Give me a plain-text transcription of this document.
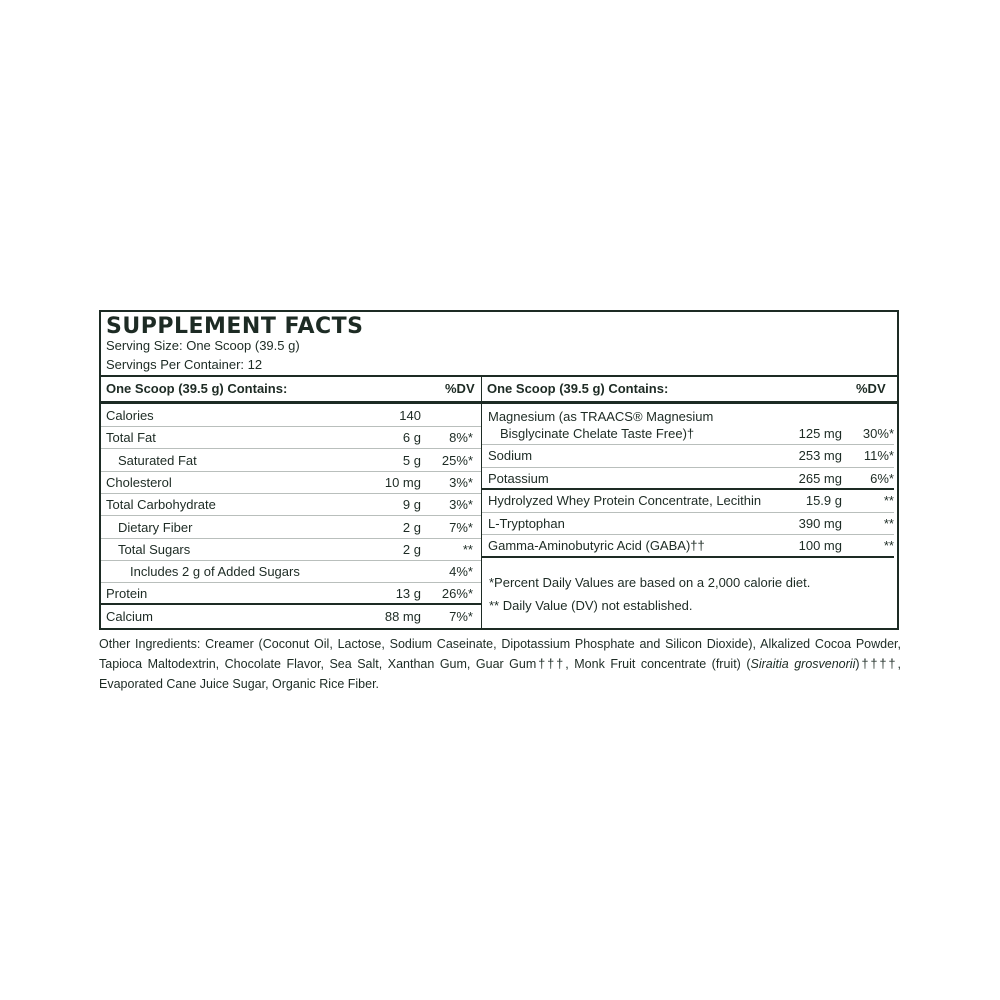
SUPPLEMENT FACTS
Serving Size: One Scoop (39.5 g)
Servings Per Container: 12
One Scoop (39.5 g) Contains:	%DV One Scoop (39.5 g) Contains:	%DV
Calories	140
Total Fat	6 g 8%*
Saturated Fat	5 g 25%*
Cholesterol	10 mg 3%*
Total Carbohydrate	9 g 3%*
Dietary Fiber	2 g 7%*
Total Sugars	2 g	**
Includes 2 g of Added Sugars	4%*
Protein	13 g 26%*
Calcium	88 mg 7%*
Magnesium (as TRAACS® Magnesium
Bisglycinate Chelate Taste Free)†	125 mg 30%*
Sodium	253 mg 11%*
Potassium	265 mg 6%*
Hydrolyzed Whey Protein Concentrate, Lecithin	15.9 g	**
L-Tryptophan	390 mg	**
Gamma-Aminobutyric Acid (GABA)††	100 mg	**
*Percent Daily Values are based on a 2,000 calorie diet.
** Daily Value (DV) not established.
Other Ingredients: Creamer (Coconut Oil, Lactose, Sodium Caseinate, Dipotassium Phosphate and Silicon Dioxide), Alkalized Cocoa Powder, Tapioca Maltodextrin, Chocolate Flavor, Sea Salt, Xanthan Gum, Guar Gum†††, Monk Fruit concentrate (fruit) (Siraitia grosvenorii)††††, Evaporated Cane Juice Sugar, Organic Rice Fiber.
